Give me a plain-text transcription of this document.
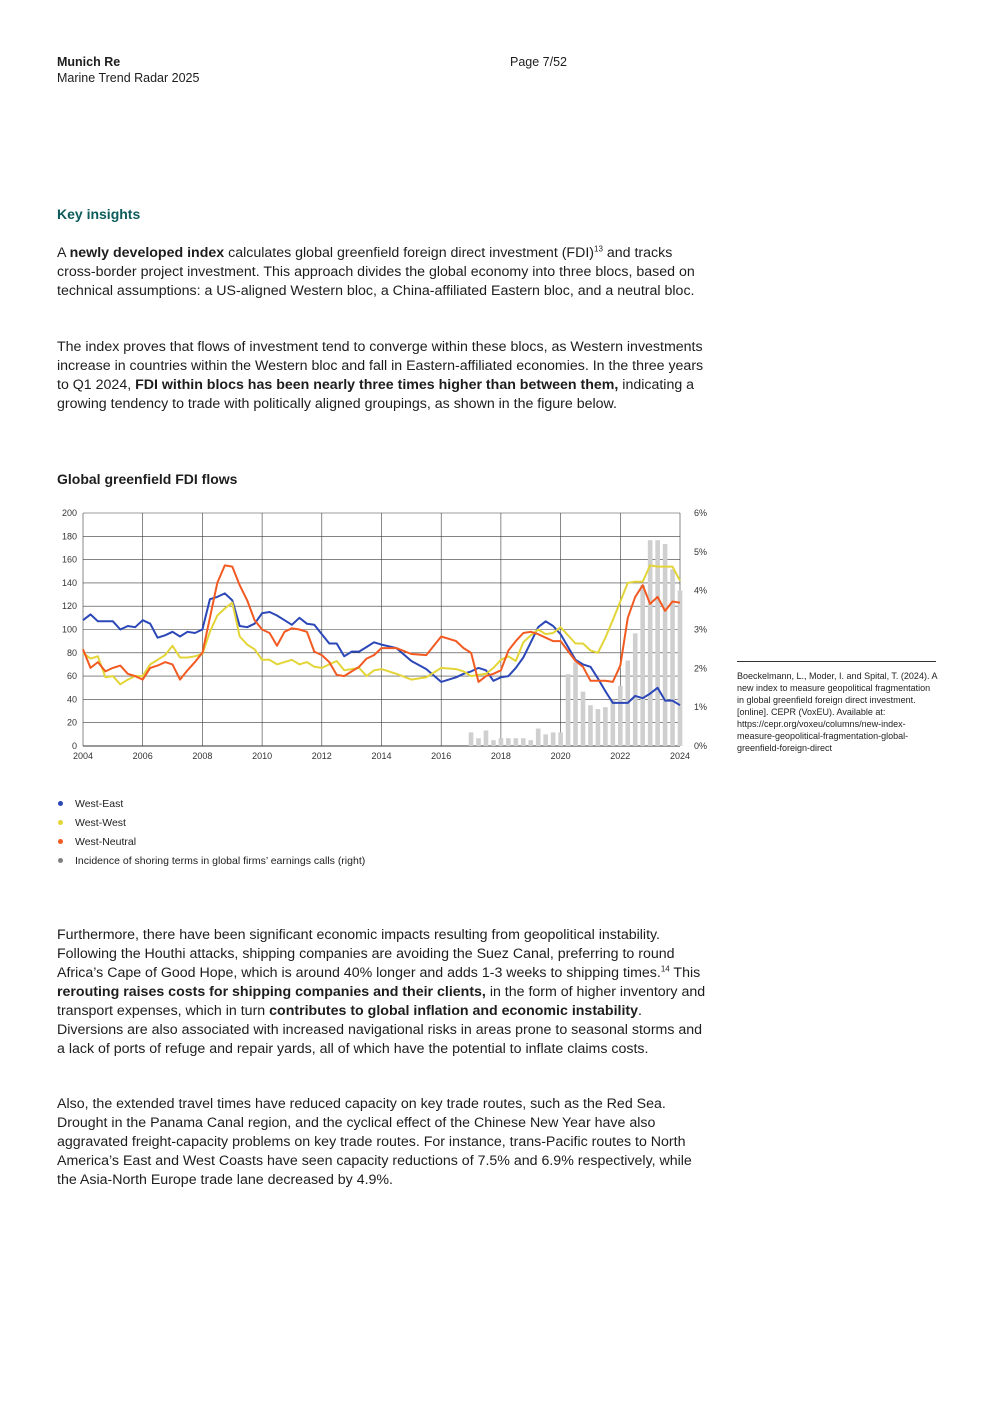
Munich Re
Marine Trend Radar 2025
Page 7/52
Key insights

A newly developed index calculates global greenfield foreign direct investment (FDI)$^{13}$ and tracks cross-border project investment. This approach divides the global economy into three blocs, based on technical assumptions: a US-aligned Western bloc, a China-affiliated Eastern bloc, and a neutral bloc.

The index proves that flows of investment tend to converge within these blocs, as Western investments increase in countries within the Western bloc and fall in Eastern-affiliated economies. In the three years to Q1 2024, FDI within blocs has been nearly three times higher than between them, indicating a growing tendency to trade with politically aligned groupings, as shown in the figure below.

Global greenfield FDI flows
0
20
40
60
80
100
120
140
160
180
200
2004	2006	2008	2010	2012	2014	2016	2018	2020	2022	2024
0%
1%
2%
3%
4%
5%
6%
West-East
West-West
West-Neutral
Incidence of shoring terms in global firms’ earnings calls (right)

Boeckelmann, L., Moder, I. and Spital, T. (2024). A new index to measure geopolitical fragmentation in global greenfield foreign direct investment. [online]. CEPR (VoxEU). Available at: https://cepr.org/voxeu/columns/new-index-measure-geopolitical-fragmentation-global-greenfield-foreign-direct

Furthermore, there have been significant economic impacts resulting from geopolitical instability. Following the Houthi attacks, shipping companies are avoiding the Suez Canal, preferring to round Africa’s Cape of Good Hope, which is around 40% longer and adds 1-3 weeks to shipping times.$^{14}$ This rerouting raises costs for shipping companies and their clients, in the form of higher inventory and transport expenses, which in turn contributes to global inflation and economic instability. Diversions are also associated with increased navigational risks in areas prone to seasonal storms and a lack of ports of refuge and repair yards, all of which have the potential to inflate claims costs.

Also, the extended travel times have reduced capacity on key trade routes, such as the Red Sea. Drought in the Panama Canal region, and the cyclical effect of the Chinese New Year have also aggravated freight-capacity problems on key trade routes. For instance, trans-Pacific routes to North America’s East and West Coasts have seen capacity reductions of 7.5% and 6.9% respectively, while the Asia-North Europe trade lane decreased by 4.9%.
